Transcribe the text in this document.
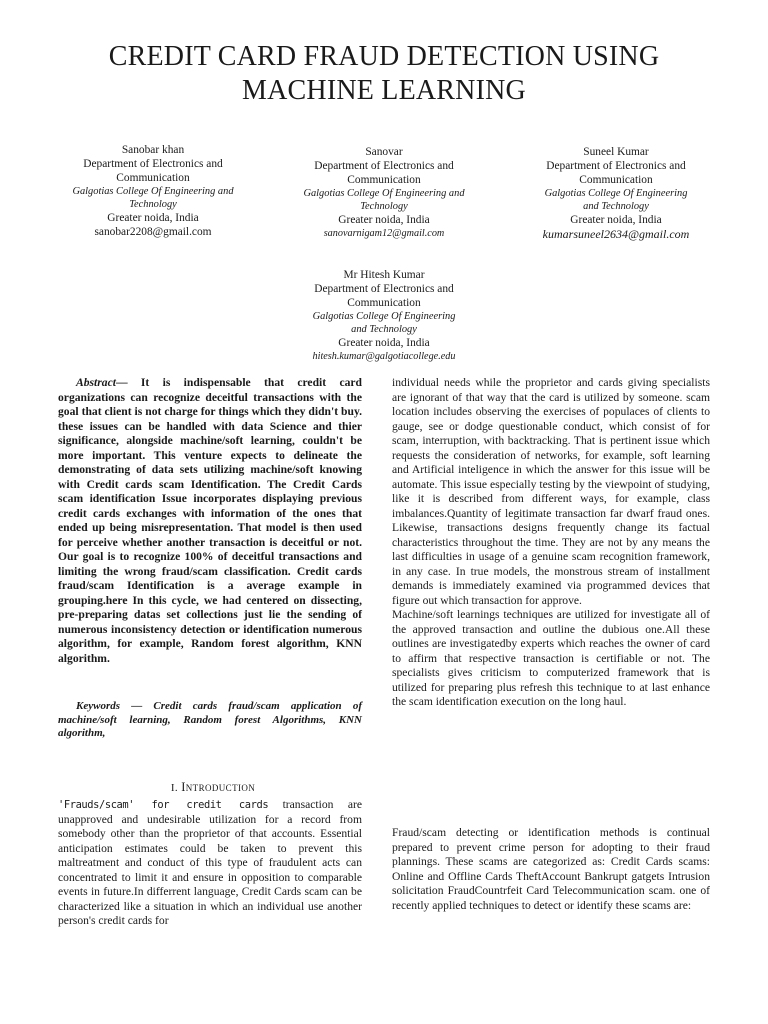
CREDIT CARD FRAUD DETECTION USING
MACHINE LEARNING
Sanobar khan
Department of Electronics and
Communication
Galgotias College Of Engineering and
Technology
Greater noida, India
sanobar2208@gmail.com
Sanovar
Department of Electronics and
Communication
Galgotias College Of Engineering and
Technology
Greater noida, India
sanovarnigam12@gmail.com
Suneel Kumar
Department of Electronics and
Communication
Galgotias College Of Engineering
and Technology
Greater noida, India
kumarsuneel2634@gmail.com
Mr Hitesh Kumar
Department of Electronics and
Communication
Galgotias College Of Engineering
and Technology
Greater noida, India
hitesh.kumar@galgotiacollege.edu
Abstract— It is indispensable that credit card organizations can recognize deceitful transactions with the goal that client is not charge for things which they didn't buy. these issues can be handled with data Science and thier significance, alongside machine/soft learning, couldn't be more important. This venture expects to delineate the demonstrating of data sets utilizing machine/soft knowing with Credit cards scam Identification. The Credit Cards scam identification Issue incorporates displaying previous credit cards exchanges with information of the ones that ended up being misrepresentation. That model is then used for perceive whether another transaction is deceitful or not. Our goal is to recognize 100% of deceitful transactions and limiting the wrong fraud/scam classification. Credit cards fraud/scam Identification is a average example in grouping.here In this cycle, we had centered on dissecting, pre-preparing datas set collections just lie the sending of numerous inconsistency detection or identification numerous algorithm, for example, Random forest algorithm, KNN algorithm.
Keywords — Credit cards fraud/scam application of machine/soft learning, Random forest Algorithms, KNN algorithm,
I. INTRODUCTION
'Frauds/scam' for credit cards transaction are unapproved and undesirable utilization for a record from somebody other than the proprietor of that accounts. Essential anticipation estimates could be taken to prevent this maltreatment and conduct of this type of fraudulent acts can concentrated to limit it and ensure in opposition to comparable events in future.In differrent language, Credit Cards scam can be characterized like a situation in which an individual use another person's credit cards for

individual needs while the proprietor and cards giving specialists are ignorant of that way that the card is utilized by someone. scam location includes observing the exercises of populaces of clients to gauge, see or dodge questionable conduct, which consist of for scam, interruption, with backtracking. That is pertinent issue which requests the consideration of networks, for example, soft learning and Artificial inteligence in which the answer for this issue will be automate. This issue especially testing by the viewpoint of studying, like it is described from different ways, for example, class imbalances.Quantity of legitimate transaction far dwarf fraud ones. Likewise, transactions designs frequently change its factual characteristics throughout the time. They are not by any means the last difficulties in usage of a genuine scam recognition framework, in any case. In true models, the monstrous stream of installment demands is immediately examined via programmed devices that figure out which transaction for approve.

Machine/soft learnings techniques are utilized for investigate all of the approved transaction and outline the dubious one.All these outlines are investigatedby experts which reaches the owner of card to affirm that respective transaction is certifiable or not. The specialists gives criticism to computerized framework that is utilized for preparing plus refresh this technique to at last enhance the scam identification execution on the long haul.

Fraud/scam detecting or identification methods is continual prepared to prevent crime person for adopting to their fraud plannings. These scams are categorized as: Credit Cards scams: Online and Offline Cards TheftAccount Bankrupt gatgets Intrusion solicitation FraudCountrfeit Card Telecommunication scam. one of recently applied techniques to detect or identify these scams are:
